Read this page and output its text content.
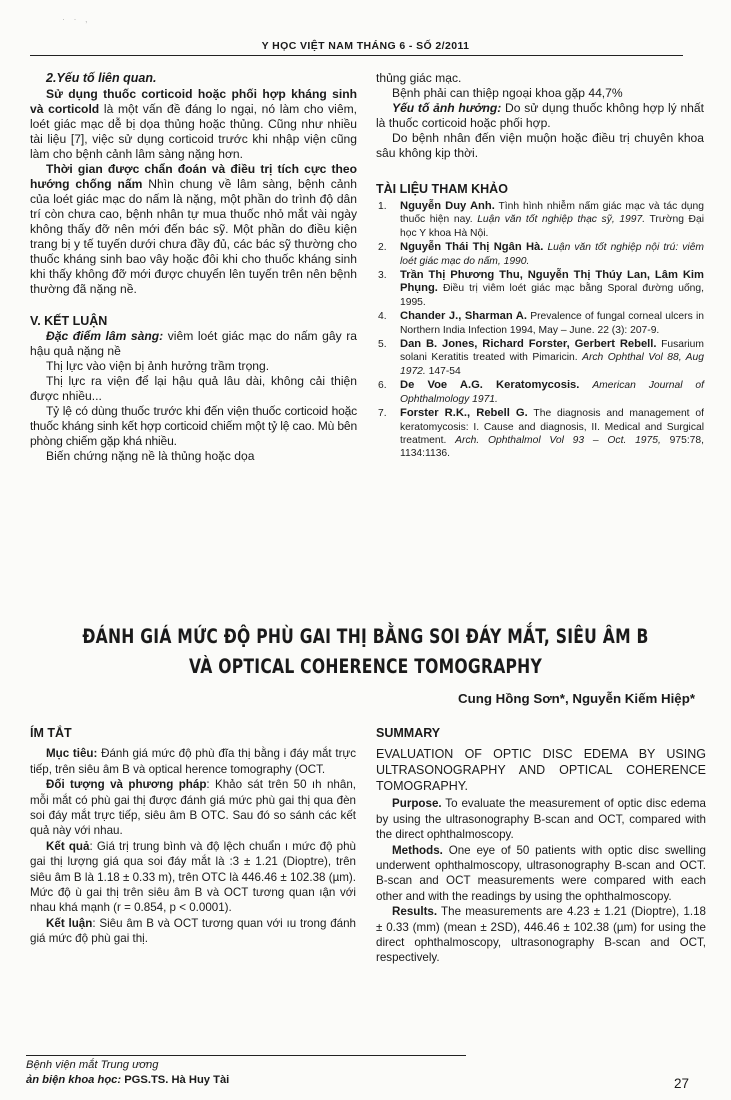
· · ,
Y HỌC VIỆT NAM THÁNG 6 - SỐ 2/2011
2.Yếu tố liên quan.

Sử dụng thuốc corticoid hoặc phối hợp kháng sinh và corticold là một vấn đề đáng lo ngại, nó làm cho viêm, loét giác mạc dễ bị dọa thủng hoặc thủng. Cũng như nhiều tài liệu [7], việc sử dụng corticoid trước khi nhập viện cũng làm cho bệnh cảnh lâm sàng nặng hơn.

Thời gian được chẩn đoán và điều trị tích cực theo hướng chống nấm Nhìn chung về lâm sàng, bệnh cảnh của loét giác mạc do nấm là nặng, một phần do trình độ dân trí còn chưa cao, bệnh nhân tự mua thuốc nhỏ mắt vài ngày không thấy đỡ nên mới đến bác sỹ. Một phần do điều kiện trang bị y tế tuyến dưới chưa đầy đủ, các bác sỹ thường cho thuốc kháng sinh bao vây hoặc đôi khi cho thuốc kháng sinh khi thấy không đỡ mới được chuyển lên tuyến trên nên bệnh thường đã nặng nề.

V. KẾT LUẬN

Đặc điểm lâm sàng: viêm loét giác mạc do nấm gây ra hậu quả nặng nề

Thị lực vào viện bị ảnh hưởng trầm trọng.

Thị lực ra viện để lại hậu quả lâu dài, không cải thiện được nhiều...

Tỷ lệ có dùng thuốc trước khi đến viện thuốc corticoid hoặc thuốc kháng sinh kết hợp corticoid chiếm một tỷ lệ cao. Mù bên phòng chiếm gặp khá nhiều.

Biến chứng nặng nề là thủng hoặc dọa

thủng giác mạc.

Bệnh phải can thiệp ngoại khoa gặp 44,7%

Yếu tố ảnh hưởng: Do sử dụng thuốc không hợp lý nhất là thuốc corticoid hoặc phối hợp.

Do bệnh nhân đến viện muộn hoặc điều trị chuyên khoa sâu không kịp thời.

TÀI LIỆU THAM KHẢO
1. Nguyễn Duy Anh. Tình hình nhiễm nấm giác mạc và tác dụng thuốc hiện nay. Luận văn tốt nghiệp thạc sỹ, 1997. Trường Đại học Y khoa Hà Nội.
2. Nguyễn Thái Thị Ngân Hà. Luận văn tốt nghiệp nội trú: viêm loét giác mạc do nấm, 1990.
3. Trần Thị Phương Thu, Nguyễn Thị Thúy Lan, Lâm Kim Phụng. Điều trị viêm loét giác mạc bằng Sporal đường uống, 1995.
4. Chander J., Sharman A. Prevalence of fungal corneal ulcers in Northern India Infection 1994, May – June. 22 (3): 207-9.
5. Dan B. Jones, Richard Forster, Gerbert Rebell. Fusarium solani Keratitis treated with Pimaricin. Arch Ophthal Vol 88, Aug 1972. 147-54
6. De Voe A.G. Keratomycosis. American Journal of Ophthalmology 1971.
7. Forster R.K., Rebell G. The diagnosis and management of keratomycosis: I. Cause and diagnosis, II. Medical and Surgical treatment. Arch. Ophthalmol Vol 93 – Oct. 1975, 975:78, 1134:1136.
ĐÁNH GIÁ MỨC ĐỘ PHÙ GAI THỊ BẰNG SOI ĐÁY MẮT, SIÊU ÂM B
VÀ OPTICAL COHERENCE TOMOGRAPHY
Cung Hồng Sơn*, Nguyễn Kiếm Hiệp*
ÍM TẮT

Mục tiêu: Đánh giá mức độ phù đĩa thị bằng i đáy mắt trực tiếp, trên siêu âm B và optical herence tomography (OCT.

Đối tượng và phương pháp: Khảo sát trên 50 ıh nhân, mỗi mắt có phù gai thị được đánh giá mức phù gai thị qua đèn soi đáy mắt trực tiếp, siêu âm B OTC. Sau đó so sánh các kết quả này với nhau.

Kết quả: Giá trị trung bình và độ lệch chuẩn ı mức độ phù gai thị lượng giá qua soi đáy mắt là :3 ± 1.21 (Dioptre), trên siêu âm B là 1.18 ± 0.33 m), trên OTC là 446.46 ± 102.38 (µm). Mức độ ù gai thị trên siêu âm B và OCT tương quan ıận với nhau khá mạnh (r = 0.854, p < 0.0001).

Kết luận: Siêu âm B và OCT tương quan với ıu trong đánh giá mức độ phù gai thị.

SUMMARY

EVALUATION OF OPTIC DISC EDEMA BY USING ULTRASONOGRAPHY AND OPTICAL COHERENCE TOMOGRAPHY.

Purpose. To evaluate the measurement of optic disc edema by using the ultrasonography B-scan and OCT, compared with the direct ophthalmoscopy.

Methods. One eye of 50 patients with optic disc swelling underwent ophthalmoscopy, ultrasonography B-scan and OCT. B-scan and OCT measurements were compared with each other and with the readings by using the ophthalmoscopy.

Results. The measurements are 4.23 ± 1.21 (Dioptre), 1.18 ± 0.33 (mm) (mean ± 2SD), 446.46 ± 102.38 (µm) for using the direct ophthalmoscopy, ultrasonography B-scan and OCT, respectively.

Bệnh viện mắt Trung ương
ản biện khoa học: PGS.TS. Hà Huy Tài	27
